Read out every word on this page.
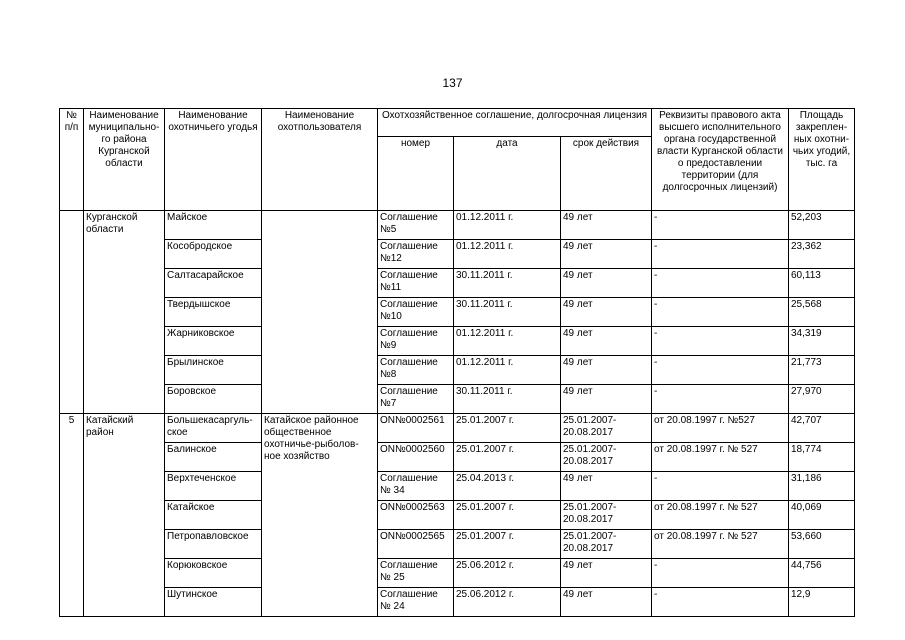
137
№ п/п	Наименование муниципально-го района Курганской области	Наименование охотничьего угодья	Наименование охотпользователя	Охотхозяйственное соглашение, долгосрочная лицензия			Реквизиты правового акта высшего исполнительного органа государственной власти Курганской области о предоставлении территории (для долгосрочных лицензий)	Площадь закреплен-ных охотни-чьих угодий, тыс. га
				номер	дата	срок действия		
	Курганской области	Майское		Соглашение №5	01.12.2011 г.	49 лет	-	52,203
		Кособродское		Соглашение №12	01.12.2011 г.	49 лет	-	23,362
		Салтасарайское		Соглашение №11	30.11.2011 г.	49 лет	-	60,113
		Твердышское		Соглашение №10	30.11.2011 г.	49 лет	-	25,568
		Жарниковское		Соглашение №9	01.12.2011 г.	49 лет	-	34,319
		Брылинское		Соглашение №8	01.12.2011 г.	49 лет	-	21,773
		Боровское		Соглашение №7	30.11.2011 г.	49 лет	-	27,970
5	Катайский район	Большекасаргуль-ское	Катайское районное общественное охотничье-рыболов-ное хозяйство	ОN№0002561	25.01.2007 г.	25.01.2007-20.08.2017	от 20.08.1997 г. №527	42,707
		Балинское		ОN№0002560	25.01.2007 г.	25.01.2007-20.08.2017	от 20.08.1997 г. № 527	18,774
		Верхтеченское		Соглашение № 34	25.04.2013 г.	49 лет	-	31,186
		Катайское		ОN№0002563	25.01.2007 г.	25.01.2007-20.08.2017	от 20.08.1997 г. № 527	40,069
		Петропавловское		ОN№0002565	25.01.2007 г.	25.01.2007-20.08.2017	от 20.08.1997 г. № 527	53,660
		Корюковское		Соглашение № 25	25.06.2012 г.	49 лет	-	44,756
		Шутинское		Соглашение № 24	25.06.2012 г.	49 лет	-	12,9
